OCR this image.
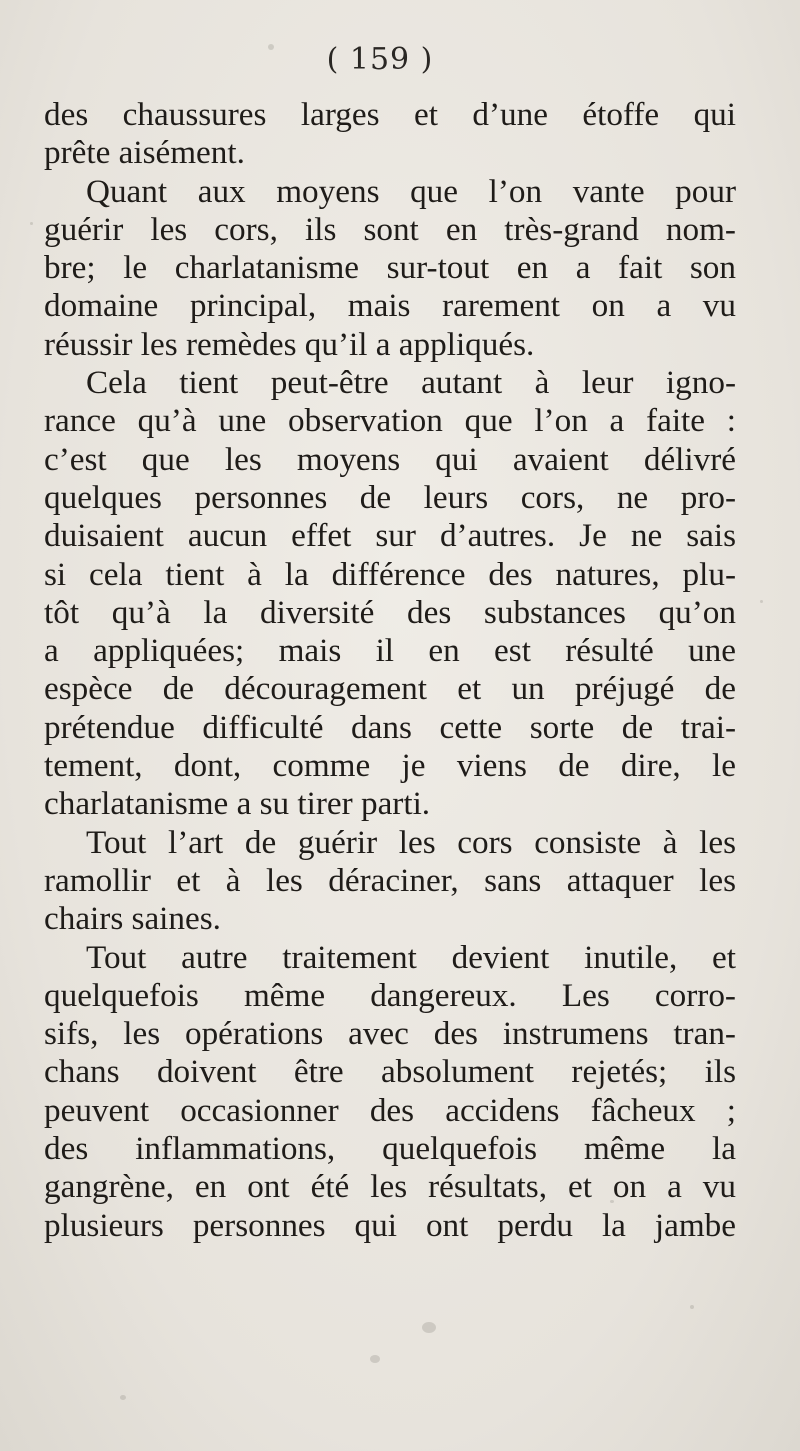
( 159 )
des chaussures larges et d’une étoffe qui
prête aisément.
Quant aux moyens que l’on vante pour
guérir les cors, ils sont en très-grand nom-
bre; le charlatanisme sur-tout en a fait son
domaine principal, mais rarement on a vu
réussir les remèdes qu’il a appliqués.
Cela tient peut-être autant à leur igno-
rance qu’à une observation que l’on a faite :
c’est que les moyens qui avaient délivré
quelques personnes de leurs cors, ne pro-
duisaient aucun effet sur d’autres. Je ne sais
si cela tient à la différence des natures, plu-
tôt qu’à la diversité des substances qu’on
a appliquées; mais il en est résulté une
espèce de découragement et un préjugé de
prétendue difficulté dans cette sorte de trai-
tement, dont, comme je viens de dire, le
charlatanisme a su tirer parti.
Tout l’art de guérir les cors consiste à les
ramollir et à les déraciner, sans attaquer les
chairs saines.
Tout autre traitement devient inutile, et
quelquefois même dangereux. Les corro-
sifs, les opérations avec des instrumens tran-
chans doivent être absolument rejetés; ils
peuvent occasionner des accidens fâcheux ;
des inflammations, quelquefois même la
gangrène, en ont été les résultats, et on a vu
plusieurs personnes qui ont perdu la jambe
